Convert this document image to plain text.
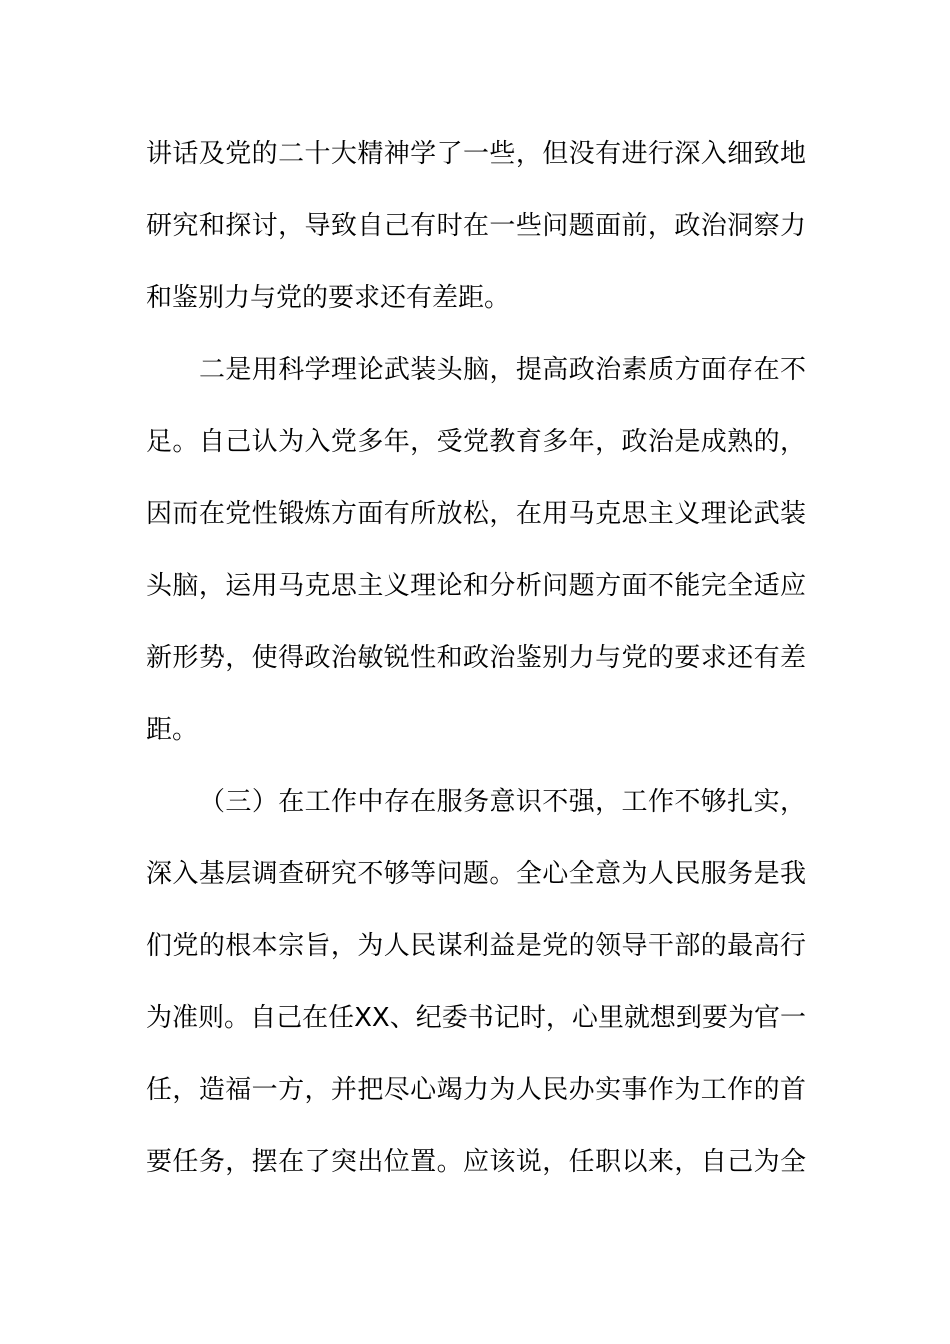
讲话及党的二十大精神学了一些，但没有进行深入细致地
研究和探讨，导致自己有时在一些问题面前，政治洞察力
和鉴别力与党的要求还有差距。
二是用科学理论武装头脑，提高政治素质方面存在不
足。自己认为入党多年，受党教育多年，政治是成熟的，
因而在党性锻炼方面有所放松，在用马克思主义理论武装
头脑，运用马克思主义理论和分析问题方面不能完全适应
新形势，使得政治敏锐性和政治鉴别力与党的要求还有差
距。
（三）在工作中存在服务意识不强，工作不够扎实，
深入基层调查研究不够等问题。全心全意为人民服务是我
们党的根本宗旨，为人民谋利益是党的领导干部的最高行
为准则。自己在任XX、纪委书记时，心里就想到要为官一
任，造福一方，并把尽心竭力为人民办实事作为工作的首
要任务，摆在了突出位置。应该说，任职以来，自己为全
